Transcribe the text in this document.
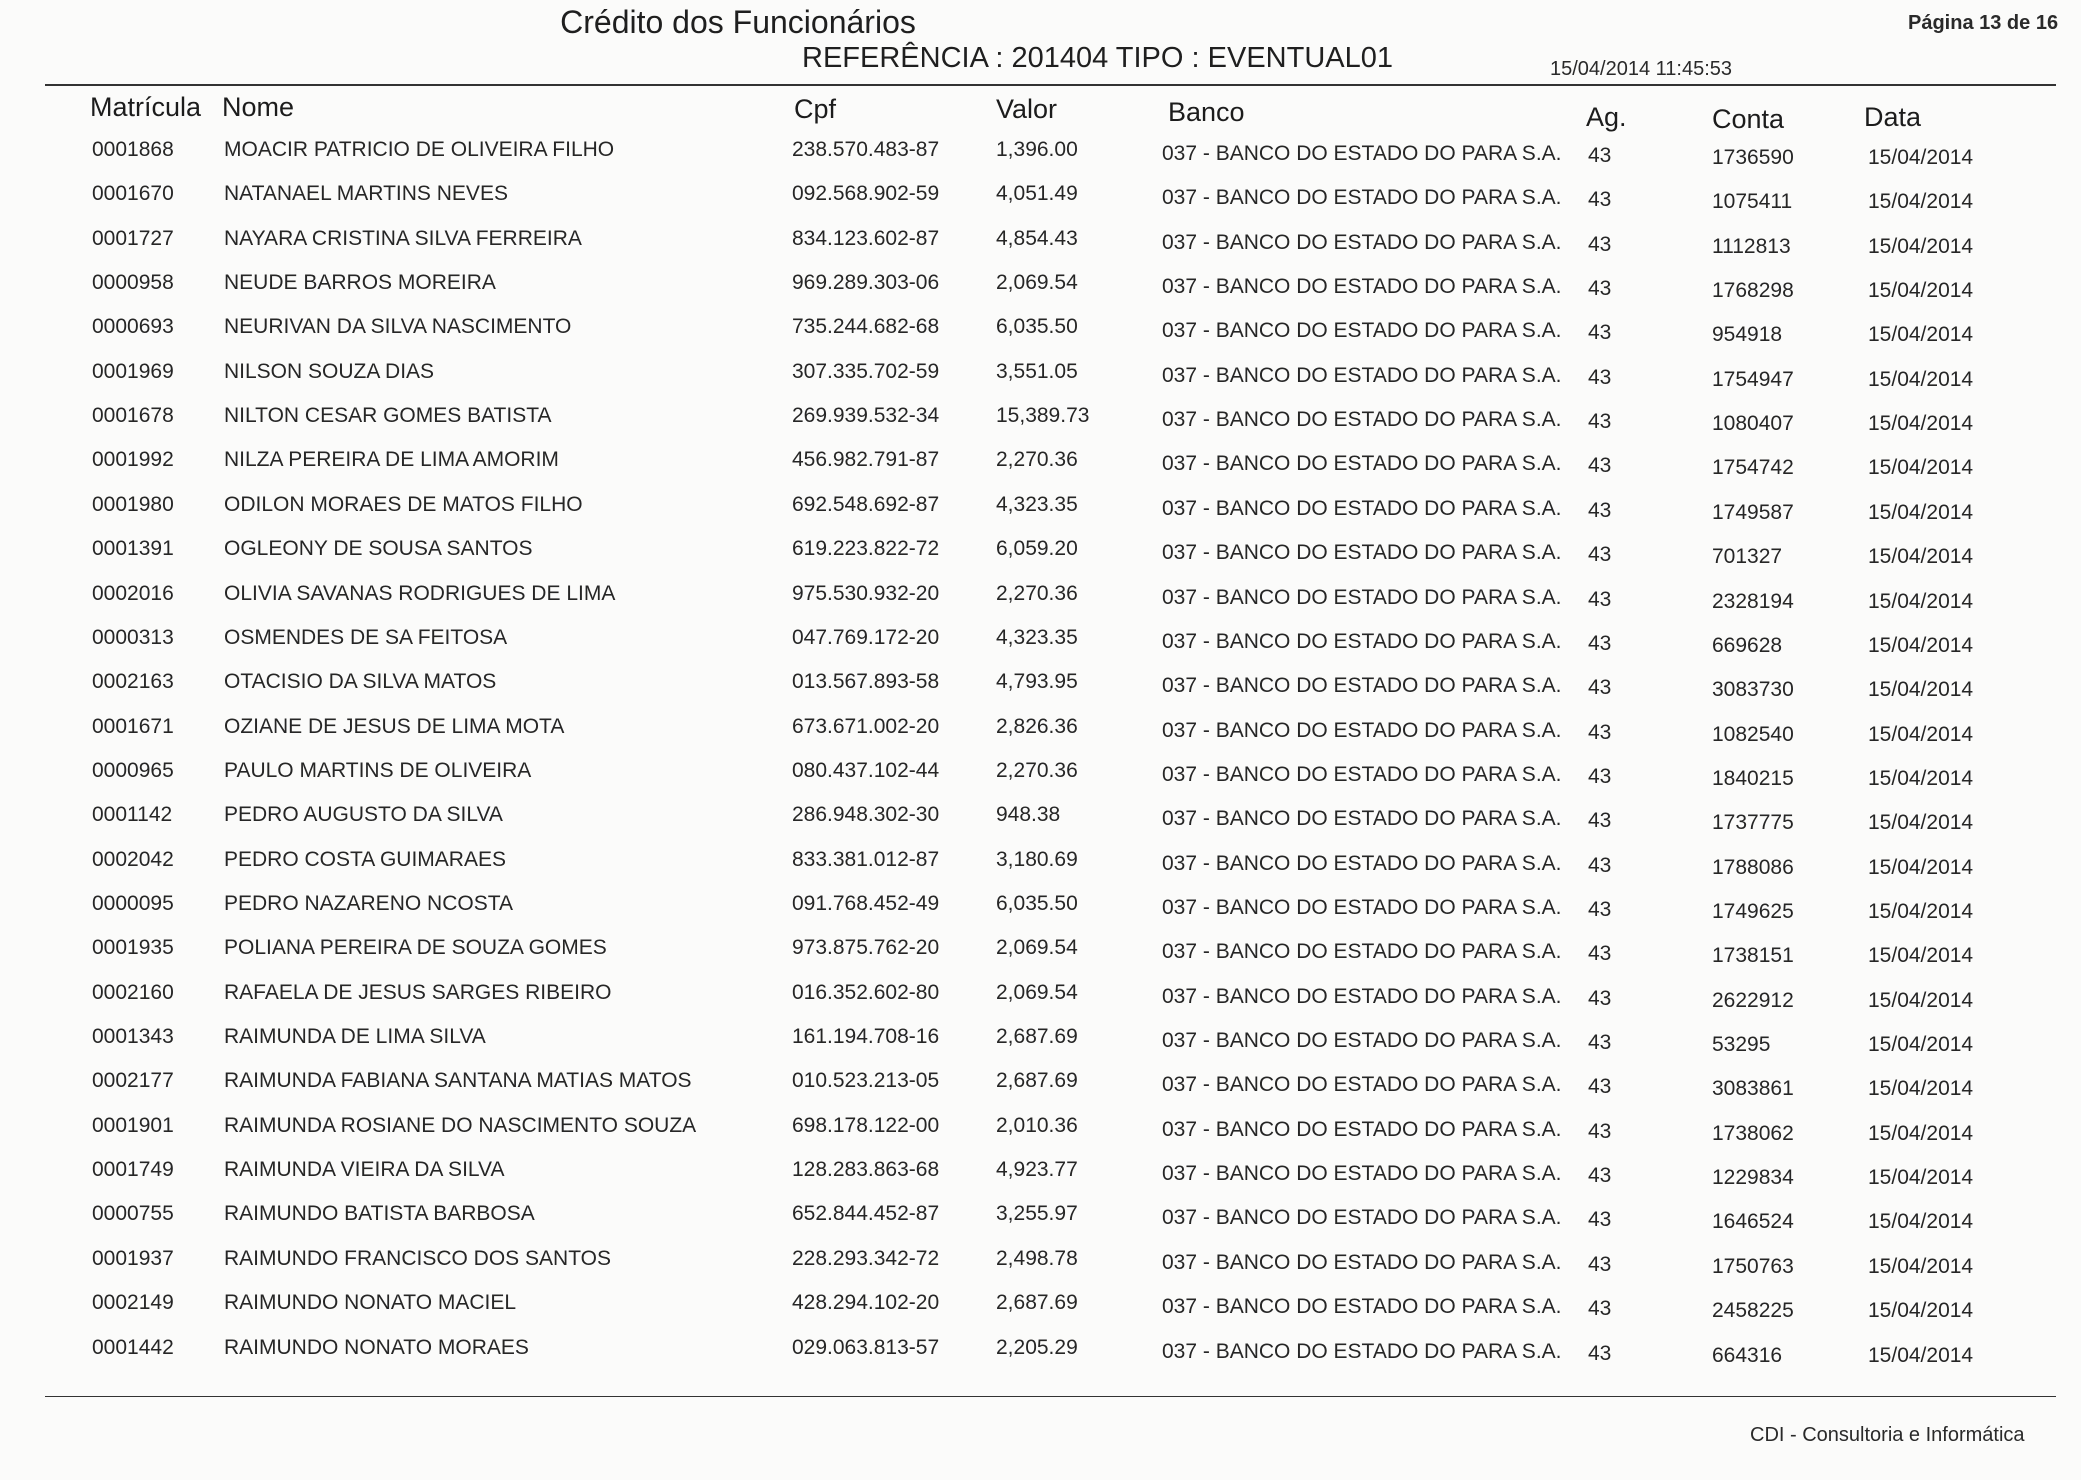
Crédito dos Funcionários
REFERÊNCIA : 201404 TIPO : EVENTUAL01
Página 13 de 16
15/04/2014 11:45:53
Matrícula Nome	Cpf	Valor	Banco	Ag.	Conta	Data
0001868 MOACIR PATRICIO DE OLIVEIRA FILHO	238.570.483-87	1,396.00	037 - BANCO DO ESTADO DO PARA S.A. 43	1736590	15/04/2014
0001670 NATANAEL MARTINS NEVES	092.568.902-59	4,051.49	037 - BANCO DO ESTADO DO PARA S.A. 43	1075411	15/04/2014
0001727 NAYARA CRISTINA SILVA FERREIRA	834.123.602-87	4,854.43	037 - BANCO DO ESTADO DO PARA S.A. 43	1112813	15/04/2014
0000958 NEUDE BARROS MOREIRA	969.289.303-06	2,069.54	037 - BANCO DO ESTADO DO PARA S.A. 43	1768298	15/04/2014
0000693 NEURIVAN DA SILVA NASCIMENTO	735.244.682-68	6,035.50	037 - BANCO DO ESTADO DO PARA S.A. 43	954918	15/04/2014
0001969 NILSON SOUZA DIAS	307.335.702-59	3,551.05	037 - BANCO DO ESTADO DO PARA S.A. 43	1754947	15/04/2014
0001678 NILTON CESAR GOMES BATISTA	269.939.532-34	15,389.73	037 - BANCO DO ESTADO DO PARA S.A. 43	1080407	15/04/2014
0001992 NILZA PEREIRA DE LIMA AMORIM	456.982.791-87	2,270.36	037 - BANCO DO ESTADO DO PARA S.A. 43	1754742	15/04/2014
0001980 ODILON MORAES DE MATOS FILHO	692.548.692-87	4,323.35	037 - BANCO DO ESTADO DO PARA S.A. 43	1749587	15/04/2014
0001391 OGLEONY DE SOUSA SANTOS	619.223.822-72	6,059.20	037 - BANCO DO ESTADO DO PARA S.A. 43	701327	15/04/2014
0002016 OLIVIA SAVANAS RODRIGUES DE LIMA	975.530.932-20	2,270.36	037 - BANCO DO ESTADO DO PARA S.A. 43	2328194	15/04/2014
0000313 OSMENDES DE SA FEITOSA	047.769.172-20	4,323.35	037 - BANCO DO ESTADO DO PARA S.A. 43	669628	15/04/2014
0002163 OTACISIO DA SILVA MATOS	013.567.893-58	4,793.95	037 - BANCO DO ESTADO DO PARA S.A. 43	3083730	15/04/2014
0001671 OZIANE DE JESUS DE LIMA MOTA	673.671.002-20	2,826.36	037 - BANCO DO ESTADO DO PARA S.A. 43	1082540	15/04/2014
0000965 PAULO MARTINS DE OLIVEIRA	080.437.102-44	2,270.36	037 - BANCO DO ESTADO DO PARA S.A. 43	1840215	15/04/2014
0001142 PEDRO AUGUSTO DA SILVA	286.948.302-30	948.38	037 - BANCO DO ESTADO DO PARA S.A. 43	1737775	15/04/2014
0002042 PEDRO COSTA GUIMARAES	833.381.012-87	3,180.69	037 - BANCO DO ESTADO DO PARA S.A. 43	1788086	15/04/2014
0000095 PEDRO NAZARENO NCOSTA	091.768.452-49	6,035.50	037 - BANCO DO ESTADO DO PARA S.A. 43	1749625	15/04/2014
0001935 POLIANA PEREIRA DE SOUZA GOMES	973.875.762-20	2,069.54	037 - BANCO DO ESTADO DO PARA S.A. 43	1738151	15/04/2014
0002160 RAFAELA DE JESUS SARGES RIBEIRO	016.352.602-80	2,069.54	037 - BANCO DO ESTADO DO PARA S.A. 43	2622912	15/04/2014
0001343 RAIMUNDA DE LIMA SILVA	161.194.708-16	2,687.69	037 - BANCO DO ESTADO DO PARA S.A. 43	53295	15/04/2014
0002177 RAIMUNDA FABIANA SANTANA MATIAS MATOS	010.523.213-05	2,687.69	037 - BANCO DO ESTADO DO PARA S.A. 43	3083861	15/04/2014
0001901 RAIMUNDA ROSIANE DO NASCIMENTO SOUZA	698.178.122-00	2,010.36	037 - BANCO DO ESTADO DO PARA S.A. 43	1738062	15/04/2014
0001749 RAIMUNDA VIEIRA DA SILVA	128.283.863-68	4,923.77	037 - BANCO DO ESTADO DO PARA S.A. 43	1229834	15/04/2014
0000755 RAIMUNDO BATISTA BARBOSA	652.844.452-87	3,255.97	037 - BANCO DO ESTADO DO PARA S.A. 43	1646524	15/04/2014
0001937 RAIMUNDO FRANCISCO DOS SANTOS	228.293.342-72	2,498.78	037 - BANCO DO ESTADO DO PARA S.A. 43	1750763	15/04/2014
0002149 RAIMUNDO NONATO MACIEL	428.294.102-20	2,687.69	037 - BANCO DO ESTADO DO PARA S.A. 43	2458225	15/04/2014
0001442 RAIMUNDO NONATO MORAES	029.063.813-57	2,205.29	037 - BANCO DO ESTADO DO PARA S.A. 43	664316	15/04/2014
CDI - Consultoria e Informática
